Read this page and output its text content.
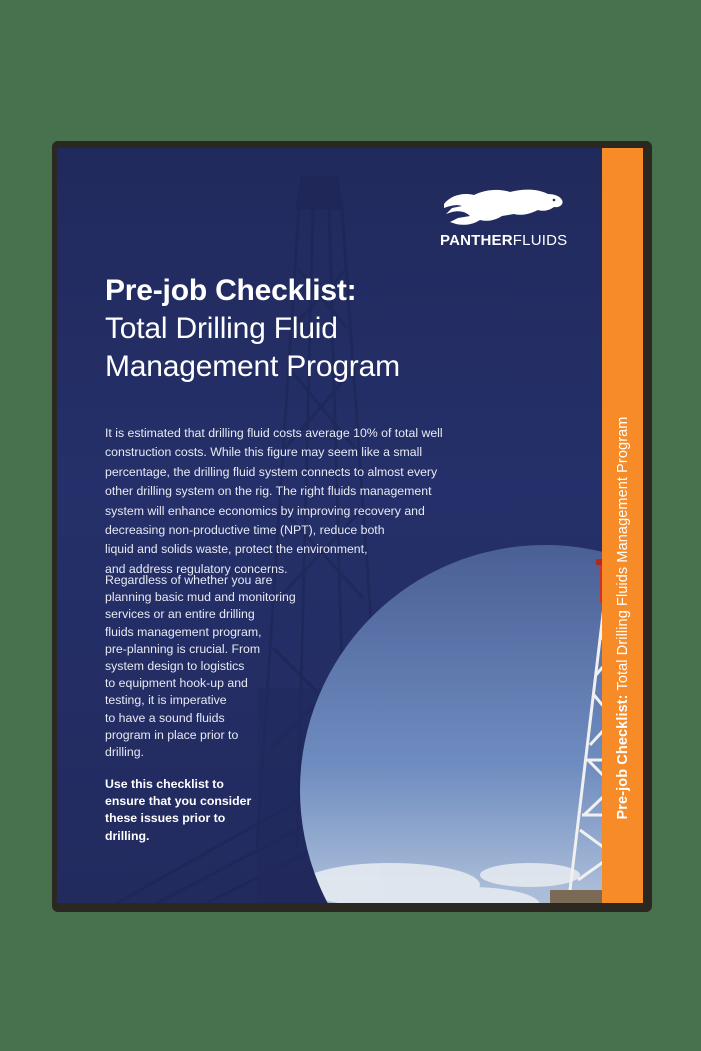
PANTHERFLUIDS
Pre-job Checklist:
Total Drilling Fluid
Management Program
It is estimated that drilling fluid costs average 10% of total well
construction costs. While this figure may seem like a small
percentage, the drilling fluid system connects to almost every
other drilling system on the rig. The right fluids management
system will enhance economics by improving recovery and
decreasing non-productive time (NPT), reduce both
liquid and solids waste, protect the environment,
and address regulatory concerns.
Regardless of whether you are
planning basic mud and monitoring
services or an entire drilling
fluids management program,
pre-planning is crucial. From
system design to logistics
to equipment hook-up and
testing, it is imperative
to have a sound fluids
program in place prior to
drilling.
Use this checklist to
ensure that you consider
these issues prior to
drilling.
Pre-job Checklist: Total Drilling Fluids Management Program
